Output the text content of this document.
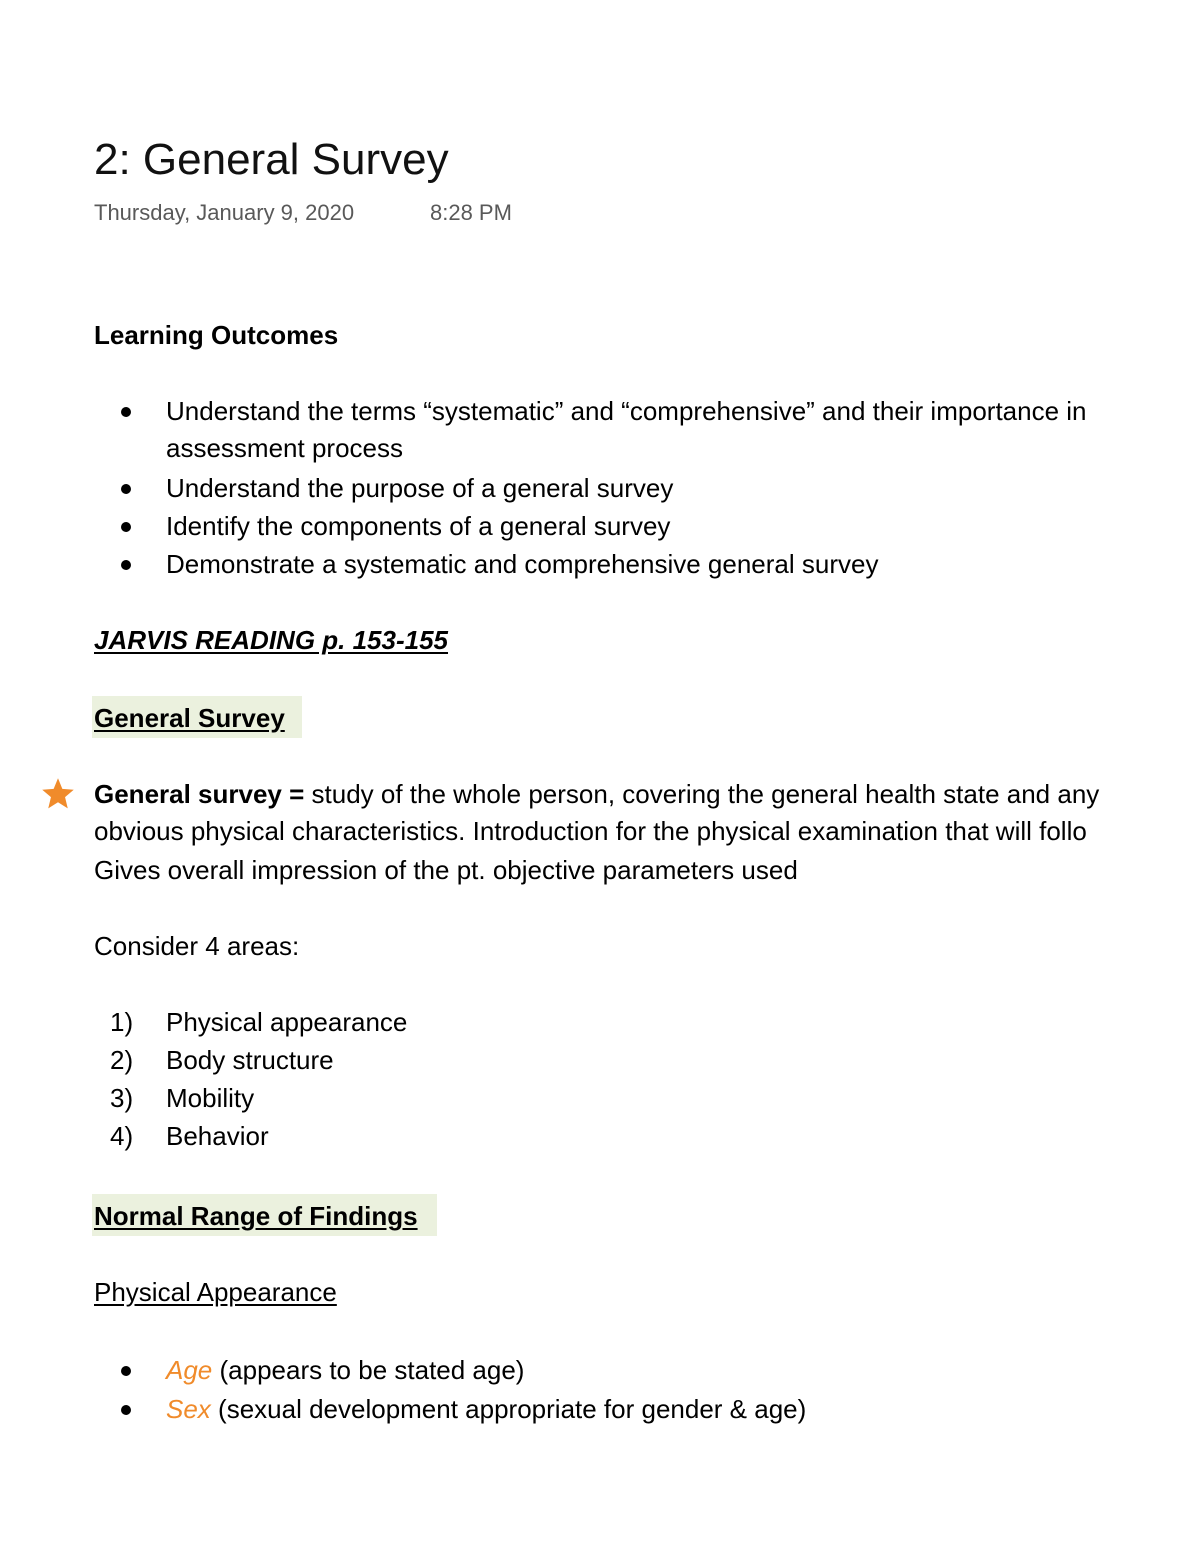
2: General Survey
Thursday, January 9, 2020	8:28 PM
Learning Outcomes
Understand the terms “systematic” and “comprehensive” and their importance in
assessment process
Understand the purpose of a general survey
Identify the components of a general survey
Demonstrate a systematic and comprehensive general survey
JARVIS READING p. 153-155
General Survey
General survey = study of the whole person, covering the general health state and any
obvious physical characteristics. Introduction for the physical examination that will follo
Gives overall impression of the pt. objective parameters used
Consider 4 areas:
1) Physical appearance
2) Body structure
3) Mobility
4) Behavior
Normal Range of Findings
Physical Appearance
Age (appears to be stated age)
Sex (sexual development appropriate for gender & age)
